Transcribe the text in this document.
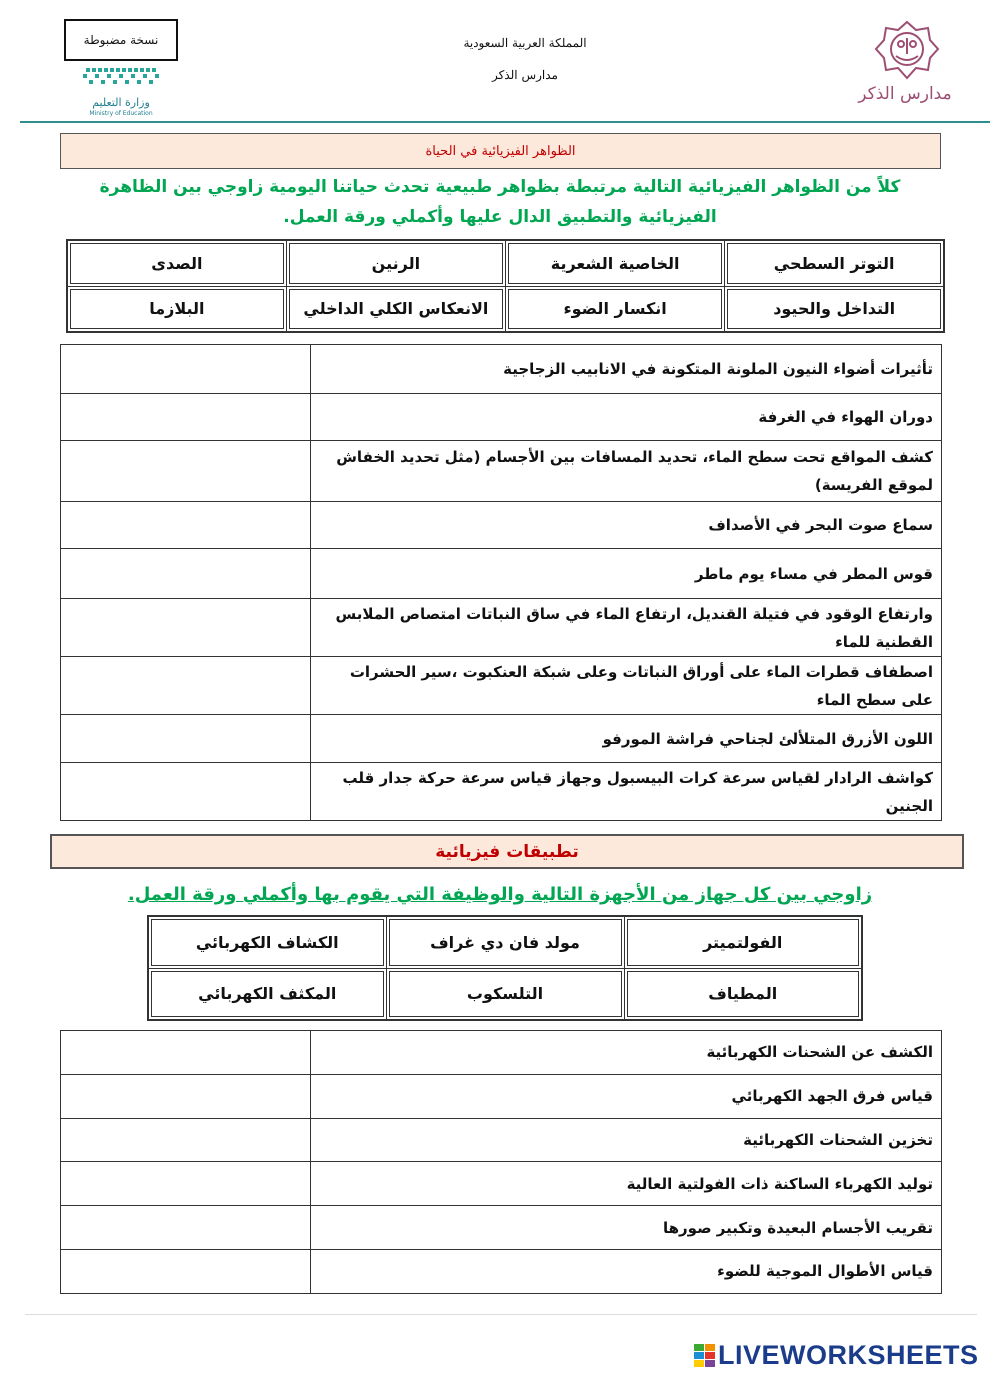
نسخة مضبوطة
وزارة التعليم
Ministry of Education
المملكة العربية السعودية
مدارس الذكر
مدارس الذكر
الظواهر الفيزيائية في الحياة
كلاً من الظواهر الفيزيائية التالية مرتبطة بظواهر طبيعية تحدث حياتنا اليومية زاوجي بين الظاهرة الفيزيائية والتطبيق الدال عليها وأكملي ورقة العمل.
التوتر السطحي	الخاصية الشعرية	الرنين	الصدى
التداخل والحيود	انكسار الضوء	الانعكاس الكلي الداخلي	البلازما
تأثيرات أضواء النيون الملونة المتكونة في الانابيب الزجاجية	
دوران الهواء في الغرفة	
كشف المواقع تحت سطح الماء، تحديد المسافات بين الأجسام (مثل تحديد الخفاش لموقع الفريسة)	
سماع صوت البحر في الأصداف	
قوس المطر في مساء يوم ماطر	
وارتفاع الوقود في فتيلة القنديل، ارتفاع الماء في ساق النباتات امتصاص الملابس القطنية للماء	
اصطفاف قطرات الماء على أوراق النباتات وعلى شبكة العنكبوت ،سير الحشرات على سطح الماء	
اللون الأزرق المتلألئ لجناحي فراشة المورفو	
كواشف الرادار لقياس سرعة كرات البيسبول وجهاز قياس سرعة حركة جدار قلب الجنين	
تطبيقات فيزيائية
زاوجي بين كل جهاز من الأجهزة التالية والوظيفة التي يقوم بها وأكملي ورقة العمل.
الفولتميتر	مولد فان دي غراف	الكشاف الكهربائي
المطياف	التلسكوب	المكثف الكهربائي
الكشف عن الشحنات الكهربائية	
قياس فرق الجهد الكهربائي	
تخزين الشحنات الكهربائية	
توليد الكهرباء الساكنة ذات الفولتية العالية	
تقريب الأجسام البعيدة وتكبير صورها	
قياس الأطوال الموجية للضوء	
LIVEWORKSHEETS
